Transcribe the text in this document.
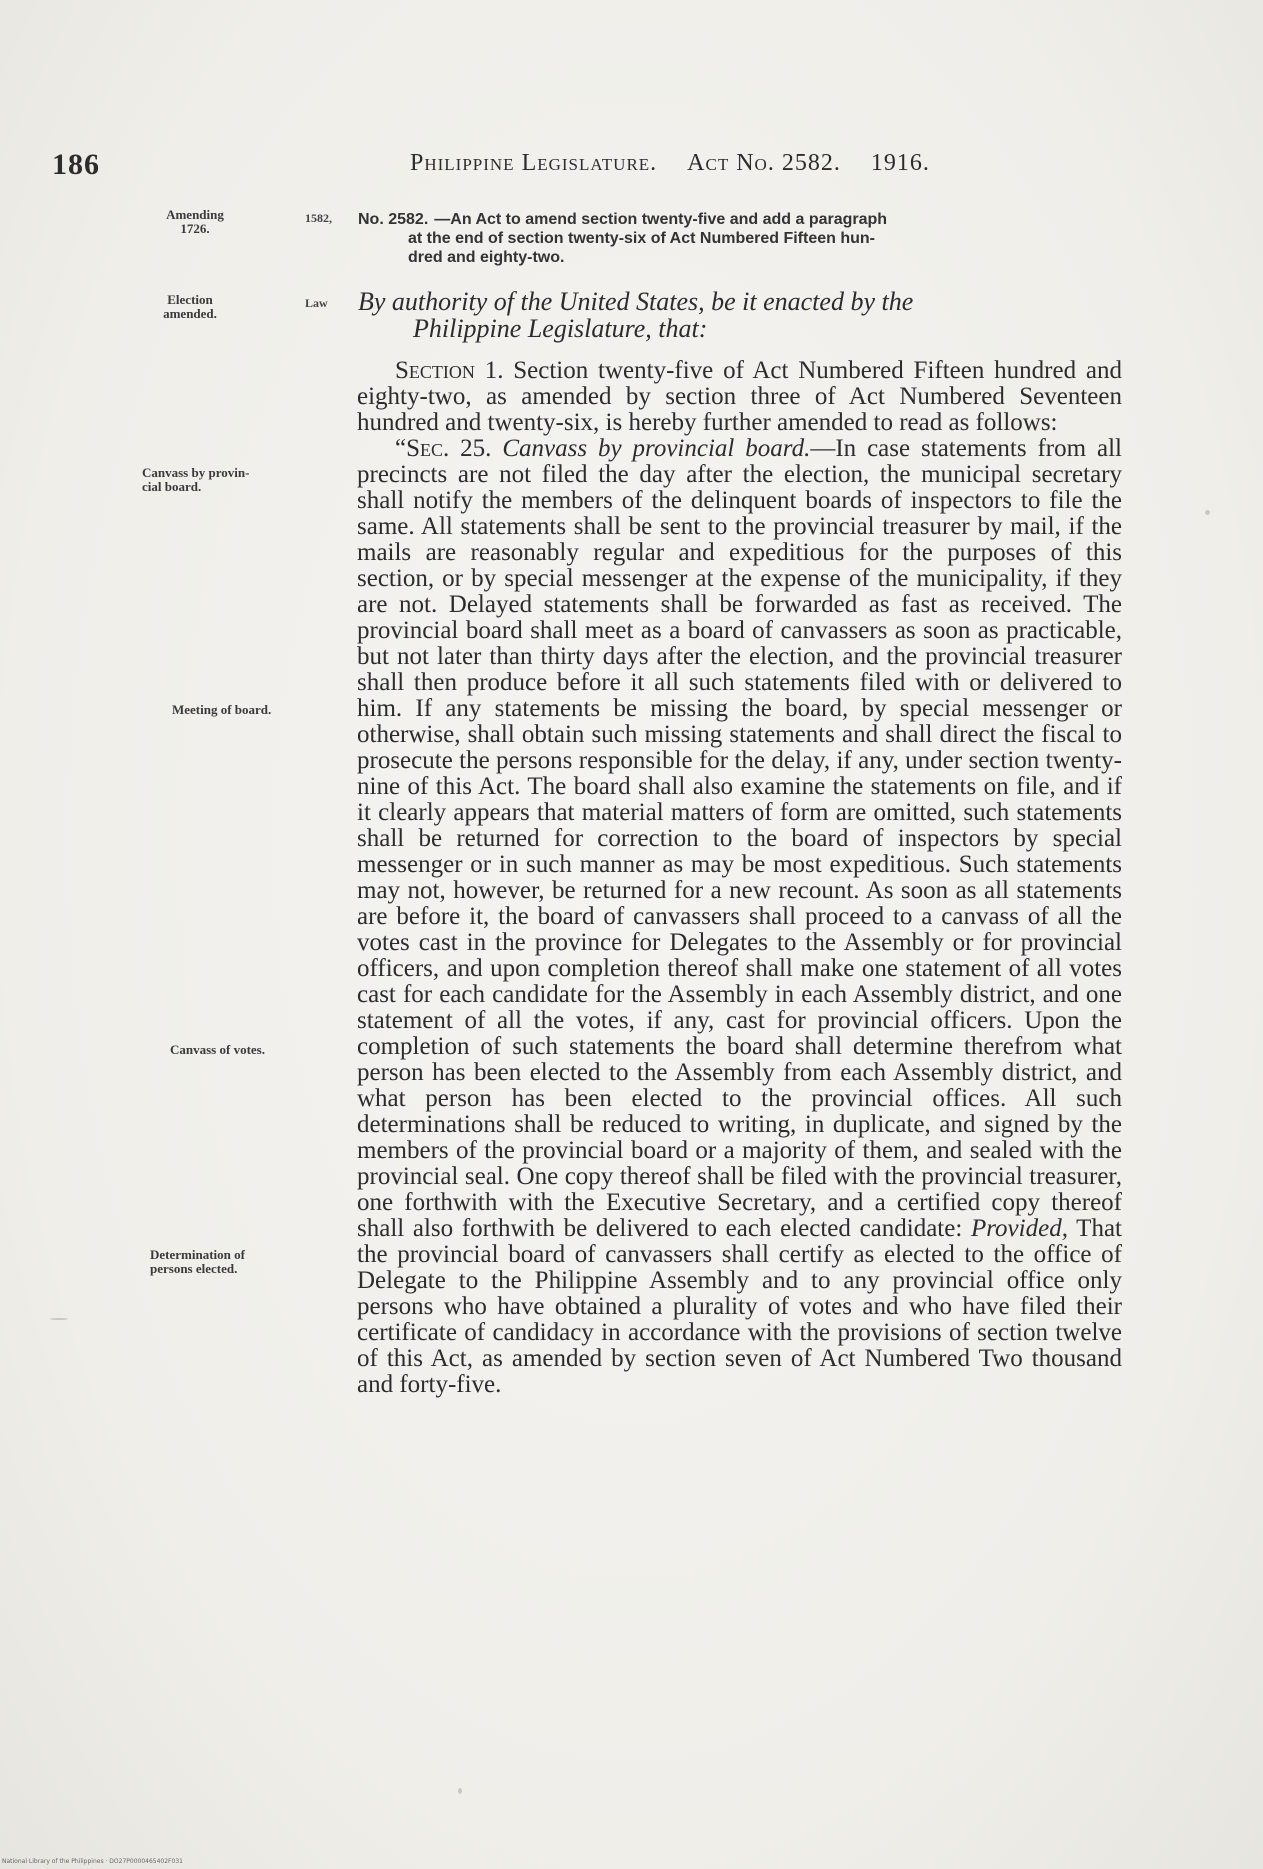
186	Philippine Legislature. Act No. 2582. 1916.
Amending
1726.
1582,
Election
amended.
Law
Canvass by provin-
cial board.
Meeting of board.
Canvass of votes.
Determination of
persons elected.
No. 2582. —An Act to amend section twenty-five and add a paragraph
at the end of section twenty-six of Act Numbered Fifteen hun-
dred and eighty-two.
By authority of the United States, be it enacted by the
Philippine Legislature, that:

Section 1. Section twenty-five of Act Numbered Fifteen hundred and eighty-two, as amended by section three of Act Numbered Seventeen hundred and twenty-six, is hereby further amended to read as follows:

“Sec. 25. Canvass by provincial board.—In case statements from all precincts are not filed the day after the election, the municipal secretary shall notify the members of the delinquent boards of inspectors to file the same. All statements shall be sent to the provincial treasurer by mail, if the mails are reasonably regular and expeditious for the purposes of this section, or by special messenger at the expense of the municipality, if they are not. Delayed statements shall be forwarded as fast as received. The provincial board shall meet as a board of canvassers as soon as practicable, but not later than thirty days after the election, and the provincial treasurer shall then produce before it all such statements filed with or delivered to him. If any statements be missing the board, by special messenger or otherwise, shall obtain such missing statements and shall direct the fiscal to prosecute the persons responsible for the delay, if any, under section twenty-nine of this Act. The board shall also examine the statements on file, and if it clearly appears that material matters of form are omitted, such statements shall be returned for correction to the board of inspectors by special messenger or in such manner as may be most expeditious. Such statements may not, however, be returned for a new recount. As soon as all statements are before it, the board of canvassers shall proceed to a canvass of all the votes cast in the province for Delegates to the Assembly or for provincial officers, and upon completion thereof shall make one statement of all votes cast for each candidate for the Assembly in each Assembly district, and one statement of all the votes, if any, cast for provincial officers. Upon the completion of such statements the board shall determine therefrom what person has been elected to the Assembly from each Assembly district, and what person has been elected to the provincial offices. All such determinations shall be reduced to writing, in duplicate, and signed by the members of the provincial board or a majority of them, and sealed with the provincial seal. One copy thereof shall be filed with the provincial treasurer, one forthwith with the Executive Secretary, and a certified copy thereof shall also forthwith be delivered to each elected candidate: Provided, That the provincial board of canvassers shall certify as elected to the office of Delegate to the Philippine Assembly and to any provincial office only persons who have obtained a plurality of votes and who have filed their certificate of candidacy in accordance with the provisions of section twelve of this Act, as amended by section seven of Act Numbered Two thousand and forty-five.

National Library of the Philippines · DO27P0000465402F031
